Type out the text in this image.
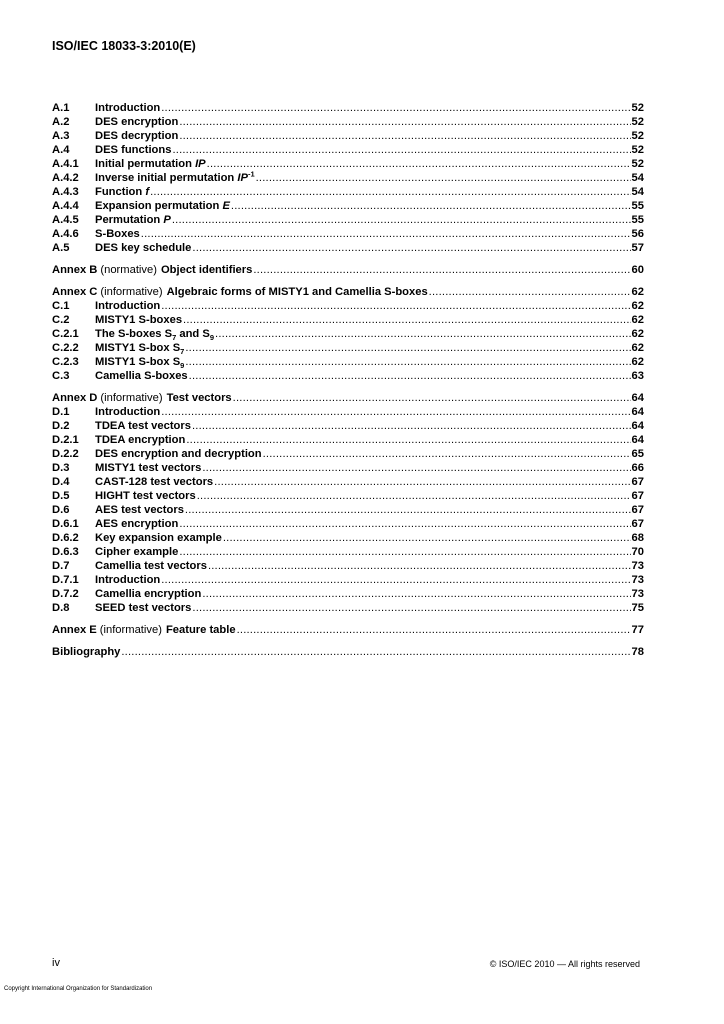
ISO/IEC 18033-3:2010(E)
A.1	Introduction .....	52
A.2	DES encryption .....	52
A.3	DES decryption .....	52
A.4	DES functions .....	52
A.4.1	Initial permutation IP .....	52
A.4.2	Inverse initial permutation $IP^{-1}$ .....	54
A.4.3	Function f .....	54
A.4.4	Expansion permutation E .....	55
A.4.5	Permutation P .....	55
A.4.6	S-Boxes .....	56
A.5	DES key schedule .....	57
Annex B (normative) Object identifiers .....	60
Annex C (informative) Algebraic forms of MISTY1 and Camellia S-boxes .....	62
C.1	Introduction .....	62
C.2	MISTY1 S-boxes .....	62
C.2.1	The S-boxes $S_7$ and $S_9$ .....	62
C.2.2	MISTY1 S-box $S_7$ .....	62
C.2.3	MISTY1 S-box $S_9$ .....	62
C.3	Camellia S-boxes .....	63
Annex D (informative) Test vectors .....	64
D.1	Introduction .....	64
D.2	TDEA test vectors .....	64
D.2.1	TDEA encryption .....	64
D.2.2	DES encryption and decryption .....	65
D.3	MISTY1 test vectors .....	66
D.4	CAST-128 test vectors .....	67
D.5	HIGHT test vectors .....	67
D.6	AES test vectors .....	67
D.6.1	AES encryption .....	67
D.6.2	Key expansion example .....	68
D.6.3	Cipher example .....	70
D.7	Camellia test vectors .....	73
D.7.1	Introduction .....	73
D.7.2	Camellia encryption .....	73
D.8	SEED test vectors .....	75
Annex E (informative) Feature table .....	77
Bibliography .....	78
iv	© ISO/IEC 2010 — All rights reserved
Copyright International Organization for Standardization
